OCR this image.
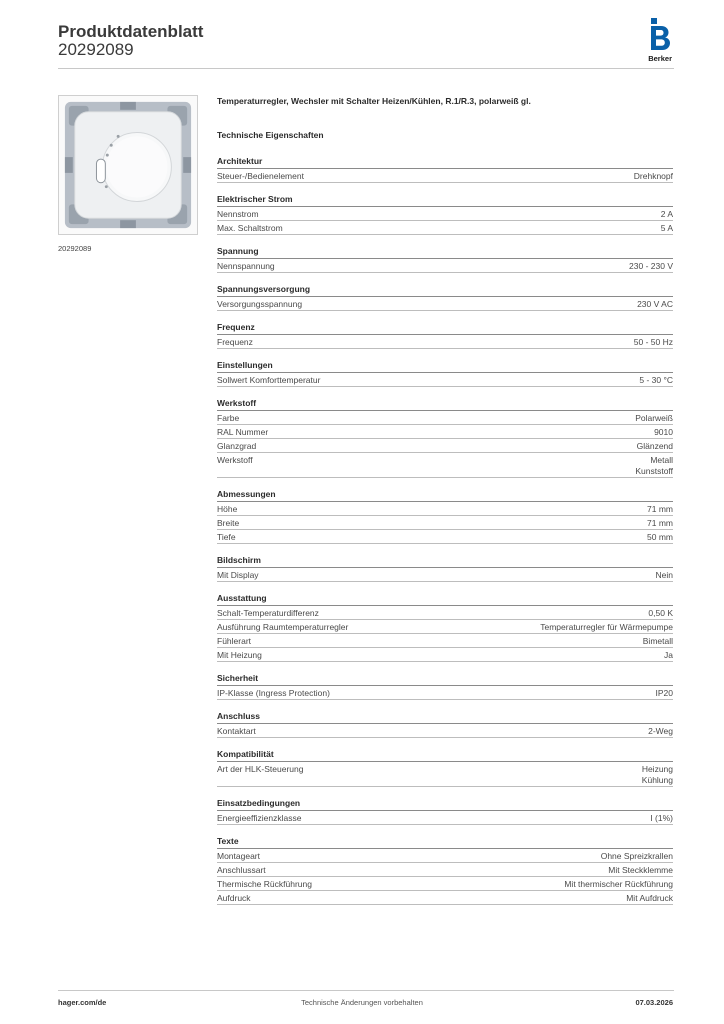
Produktdatenblatt
20292089	Berker
20292089
Temperaturregler, Wechsler mit Schalter Heizen/Kühlen, R.1/R.3, polarweiß gl.
Technische Eigenschaften
Architektur
Steuer-/Bedienelement	Drehknopf
Elektrischer Strom
Nennstrom	2 A
Max. Schaltstrom	5 A
Spannung
Nennspannung	230 - 230 V
Spannungsversorgung
Versorgungsspannung	230 V AC
Frequenz
Frequenz	50 - 50 Hz
Einstellungen
Sollwert Komforttemperatur	5 - 30 °C
Werkstoff
Farbe	Polarweiß
RAL Nummer	9010
Glanzgrad	Glänzend
Werkstoff	Metall
Kunststoff
Abmessungen
Höhe	71 mm
Breite	71 mm
Tiefe	50 mm
Bildschirm
Mit Display	Nein
Ausstattung
Schalt-Temperaturdifferenz	0,50 K
Ausführung Raumtemperaturregler	Temperaturregler für Wärmepumpe
Fühlerart	Bimetall
Mit Heizung	Ja
Sicherheit
IP-Klasse (Ingress Protection)	IP20
Anschluss
Kontaktart	2-Weg
Kompatibilität
Art der HLK-Steuerung	Heizung
Kühlung
Einsatzbedingungen
Energieeffizienzklasse	I (1%)
Texte
Montageart	Ohne Spreizkrallen
Anschlussart	Mit Steckklemme
Thermische Rückführung	Mit thermischer Rückführung
Aufdruck	Mit Aufdruck
hager.com/de	Technische Änderungen vorbehalten	07.03.2026
